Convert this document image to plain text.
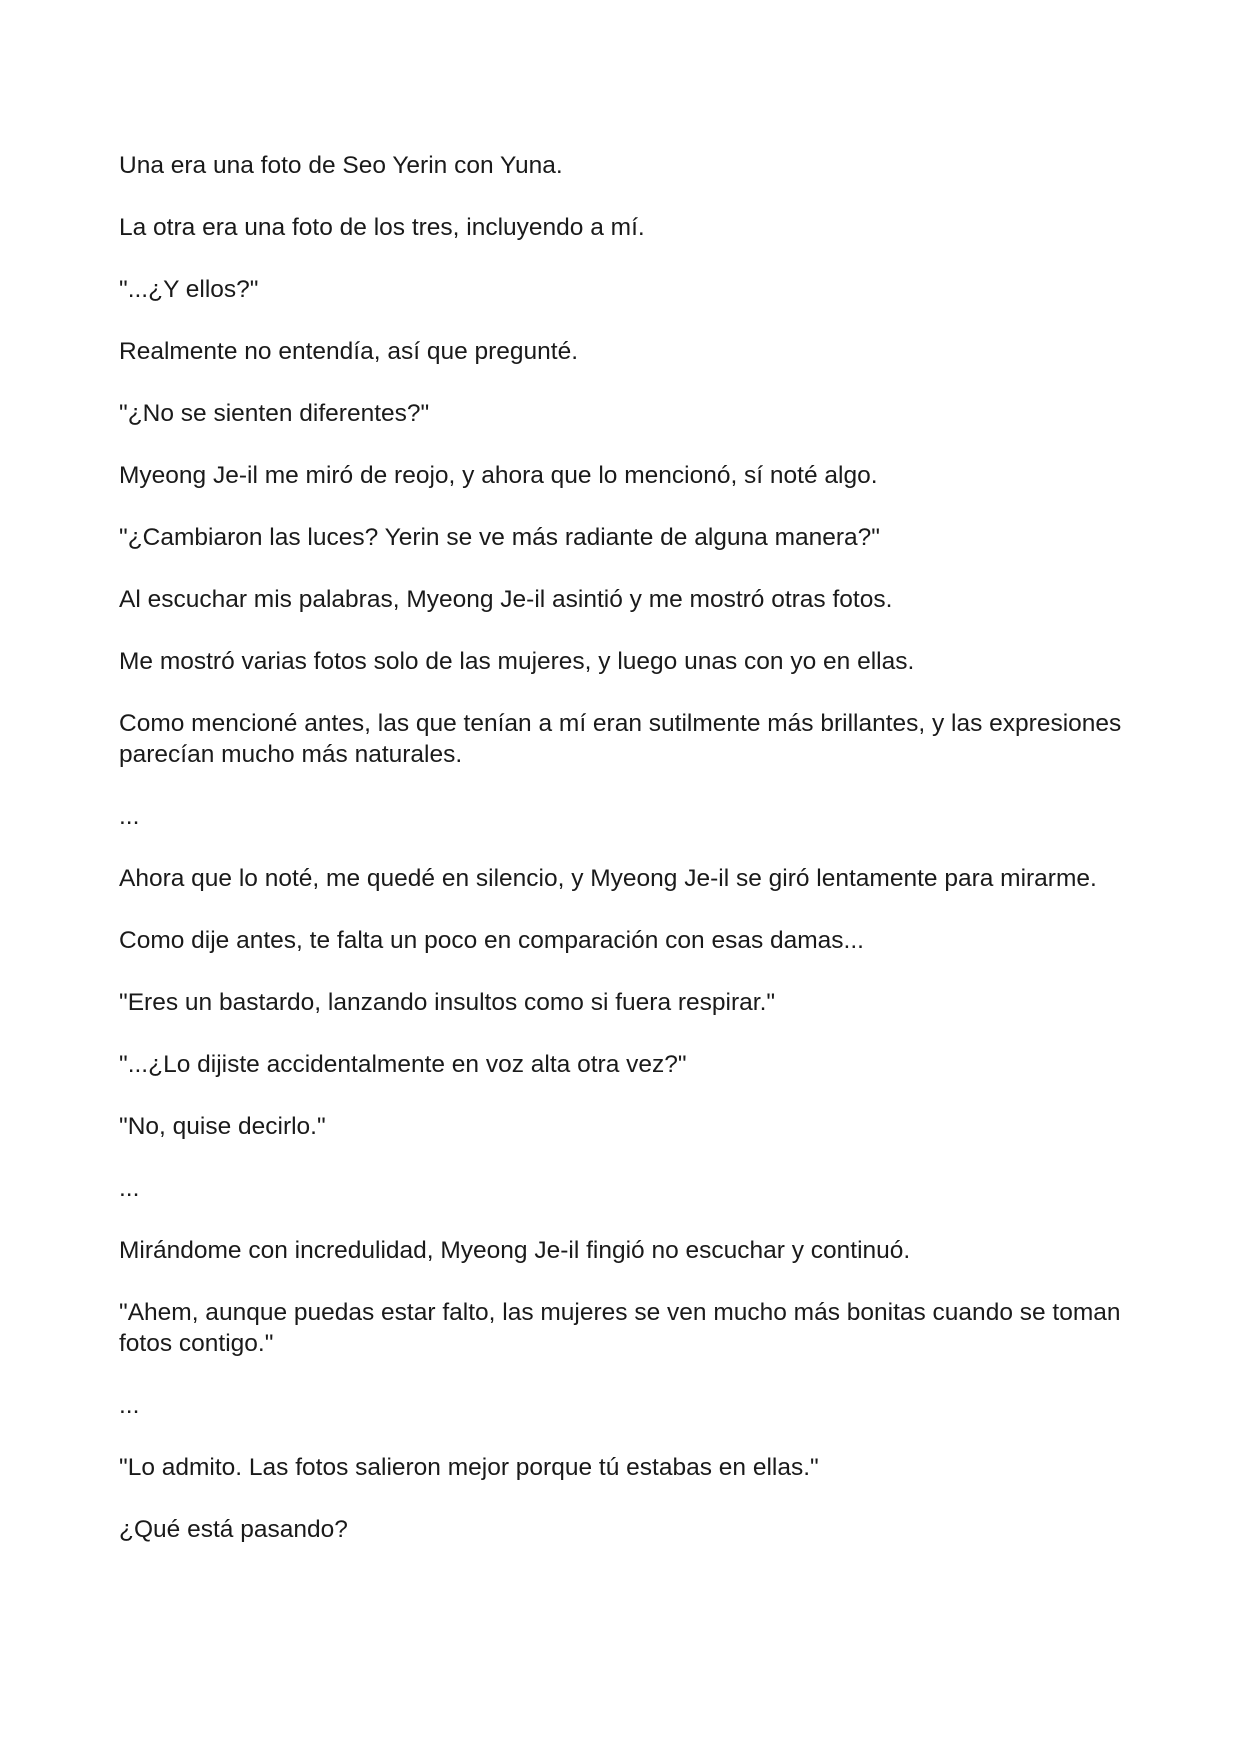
Una era una foto de Seo Yerin con Yuna.

La otra era una foto de los tres, incluyendo a mí.

"...¿Y ellos?"

Realmente no entendía, así que pregunté.

"¿No se sienten diferentes?"

Myeong Je-il me miró de reojo, y ahora que lo mencionó, sí noté algo.

"¿Cambiaron las luces? Yerin se ve más radiante de alguna manera?"

Al escuchar mis palabras, Myeong Je-il asintió y me mostró otras fotos.

Me mostró varias fotos solo de las mujeres, y luego unas con yo en ellas.

Como mencioné antes, las que tenían a mí eran sutilmente más brillantes, y las expresiones parecían mucho más naturales.

...

Ahora que lo noté, me quedé en silencio, y Myeong Je-il se giró lentamente para mirarme.

Como dije antes, te falta un poco en comparación con esas damas...

"Eres un bastardo, lanzando insultos como si fuera respirar."

"...¿Lo dijiste accidentalmente en voz alta otra vez?"

"No, quise decirlo."

...

Mirándome con incredulidad, Myeong Je-il fingió no escuchar y continuó.

"Ahem, aunque puedas estar falto, las mujeres se ven mucho más bonitas cuando se toman fotos contigo."

...

"Lo admito. Las fotos salieron mejor porque tú estabas en ellas."

¿Qué está pasando?
